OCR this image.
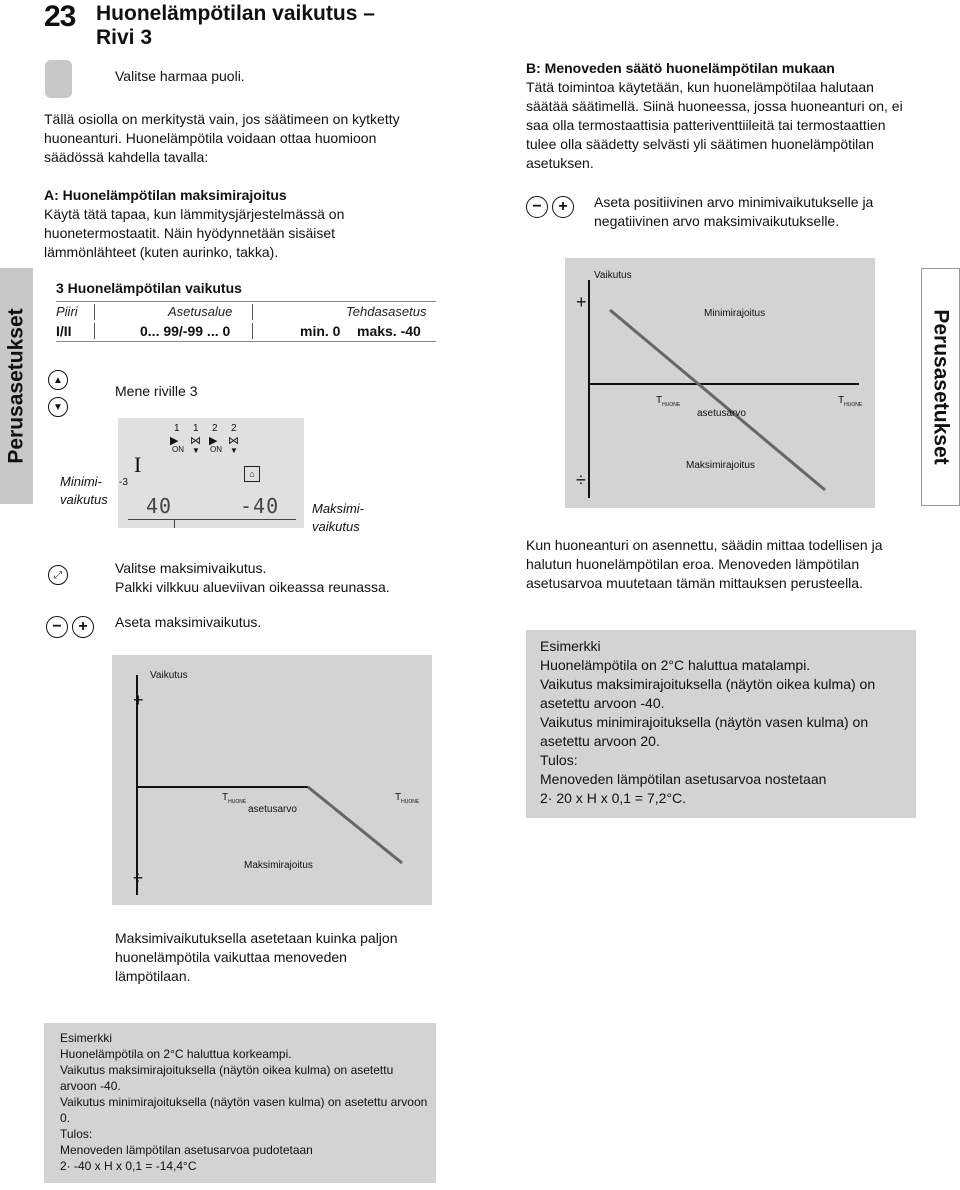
23 Huonelämpötilan vaikutus –
Rivi 3

Valitse harmaa puoli.

Tällä osiolla on merkitystä vain, jos säätimeen on kytketty huoneanturi. Huonelämpötila voidaan ottaa huomioon säädössä kahdella tavalla:

A: Huonelämpötilan maksimirajoitus

Käytä tätä tapaa, kun lämmitysjärjestelmässä on huonetermostaatit. Näin hyödynnetään sisäiset lämmönlähteet (kuten aurinko, takka).

B: Menoveden säätö huonelämpötilan mukaan

Tätä toimintoa käytetään, kun huonelämpötilaa halutaan säätää säätimellä. Siinä huoneessa, jossa huoneanturi on, ei saa olla termostaattisia patteriventtiileitä tai termostaattien tulee olla säädetty selvästi yli säätimen huonelämpötilan asetuksen.

−	+	Aseta positiivinen arvo minimivaikutukselle ja negatiivinen arvo maksimivaikutukselle.

Perusasetukset	Perusasetukset
3 Huonelämpötilan vaikutus
Piiri	Asetusalue	Tehdasasetus
I/II	0... 99/-99 ... 0	min. 0 maks. -40
▲
▼

Mene riville 3

1 1 2 2
▶ ⋈ ▶ ⋈
ON ▼ ON ▼
I	⌂
-3
40	-40
Minimi-
vaikutus
Maksimi-
vaikutus
⤢	Valitse maksimivaikutus.

Palkki vilkkuu alueviivan oikeassa reunassa.

−	+	Aseta maksimivaikutus.

Vaikutus
+
÷
$T_{HUONE}$
asetusarvo
$T_{HUONE}$
Maksimirajoitus

Maksimivaikutuksella asetetaan kuinka paljon huonelämpötila vaikuttaa menoveden lämpötilaan.

Vaikutus
+
÷
Minimirajoitus
$T_{HUONE}$
asetusarvo
$T_{HUONE}$
Maksimirajoitus

Kun huoneanturi on asennettu, säädin mittaa todellisen ja halutun huonelämpötilan eroa. Menoveden lämpötilan asetusarvoa muutetaan tämän mittauksen perusteella.

Esimerkki
Huonelämpötila on 2°C haluttua matalampi.
Vaikutus maksimirajoituksella (näytön oikea kulma) on asetettu arvoon -40.
Vaikutus minimirajoituksella (näytön vasen kulma) on asetettu arvoon 20.
Tulos:
Menoveden lämpötilan asetusarvoa nostetaan
2· 20 x H x 0,1 = 7,2°C.
Esimerkki
Huonelämpötila on 2°C haluttua korkeampi.
Vaikutus maksimirajoituksella (näytön oikea kulma) on asetettu arvoon -40.
Vaikutus minimirajoituksella (näytön vasen kulma) on asetettu arvoon 0.
Tulos:
Menoveden lämpötilan asetusarvoa pudotetaan
2· -40 x H x 0,1 = -14,4°C
